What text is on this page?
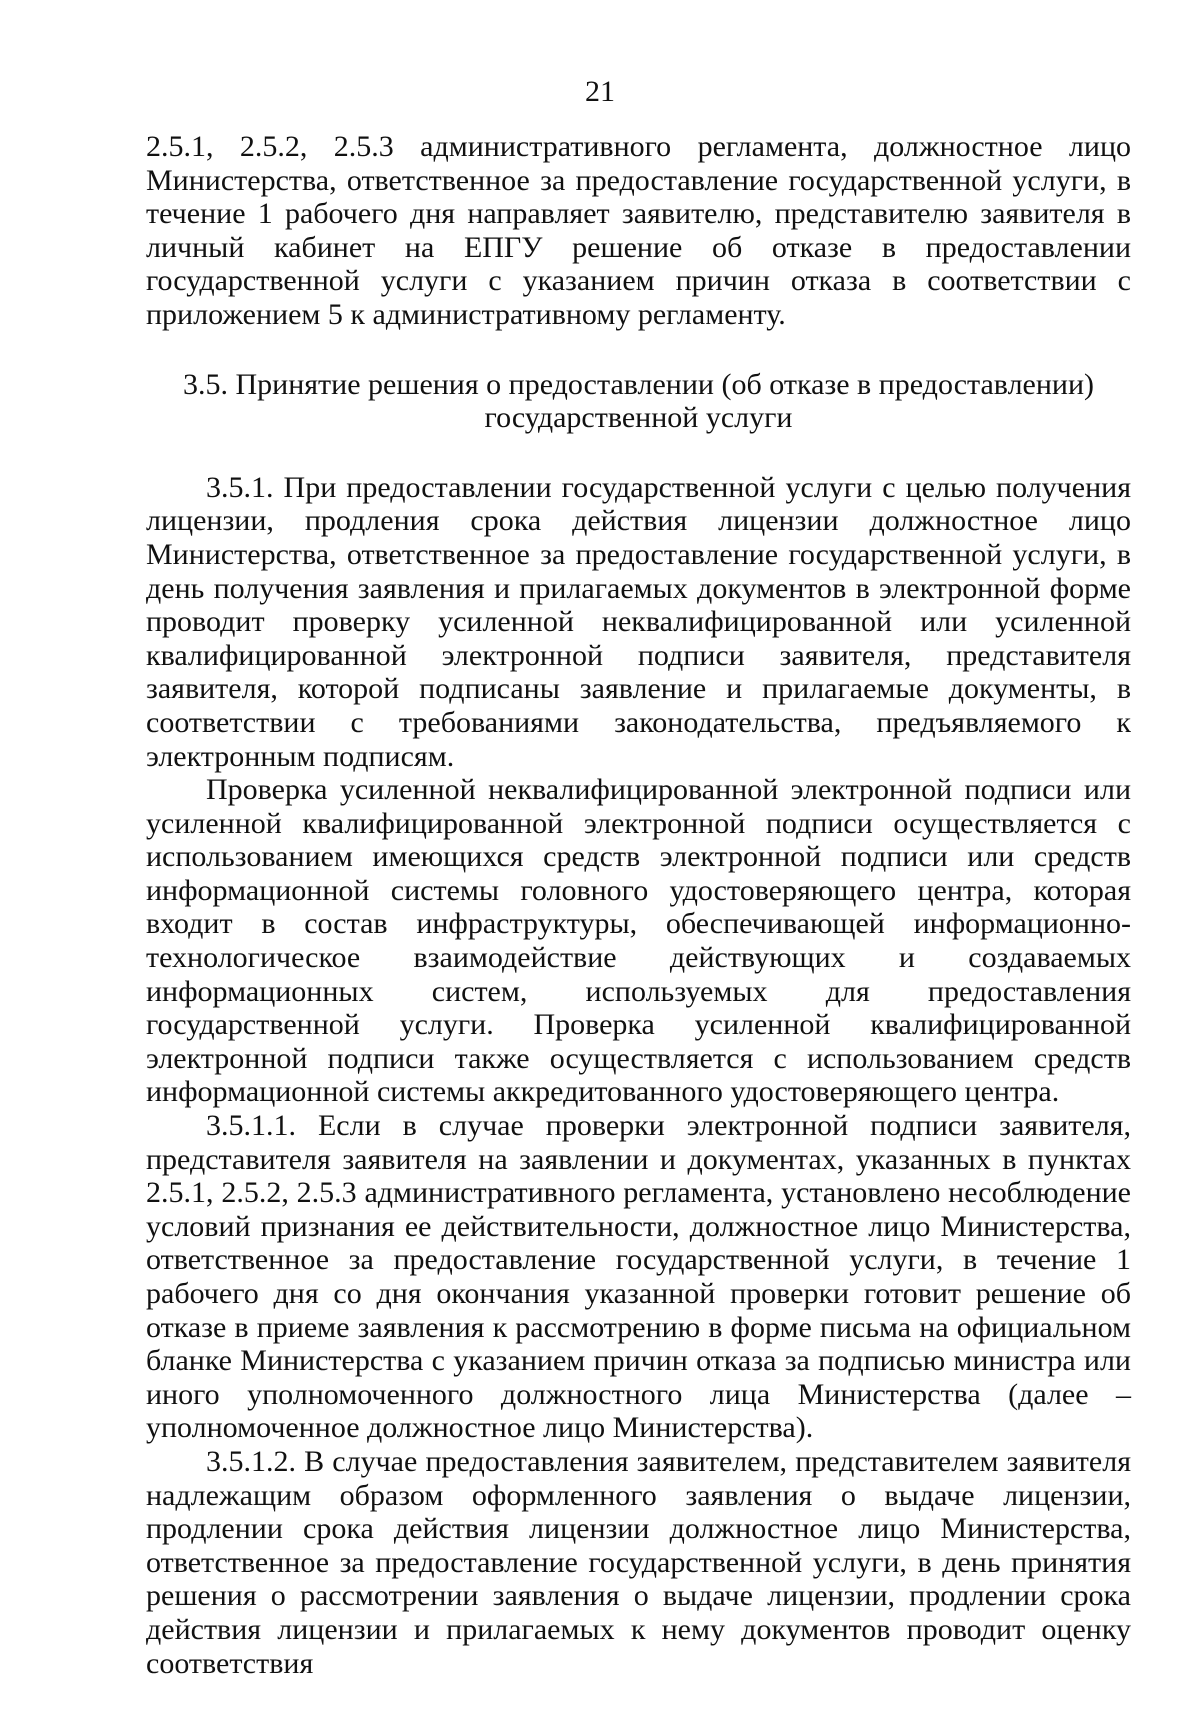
21

2.5.1, 2.5.2, 2.5.3 административного регламента, должностное лицо Министерства, ответственное за предоставление государственной услуги, в течение 1 рабочего дня направляет заявителю, представителю заявителя в личный кабинет на ЕПГУ решение об отказе в предоставлении государственной услуги с указанием причин отказа в соответствии с приложением 5 к административному регламенту.

3.5. Принятие решения о предоставлении (об отказе в предоставлении)
государственной услуги

3.5.1. При предоставлении государственной услуги с целью получения лицензии, продления срока действия лицензии должностное лицо Министерства, ответственное за предоставление государственной услуги, в день получения заявления и прилагаемых документов в электронной форме проводит проверку усиленной неквалифицированной или усиленной квалифицированной электронной подписи заявителя, представителя заявителя, которой подписаны заявление и прилагаемые документы, в соответствии с требованиями законодательства, предъявляемого к электронным подписям.

Проверка усиленной неквалифицированной электронной подписи или усиленной квалифицированной электронной подписи осуществляется с использованием имеющихся средств электронной подписи или средств информационной системы головного удостоверяющего центра, которая входит в состав инфраструктуры, обеспечивающей информационно-технологическое взаимодействие действующих и создаваемых информационных систем, используемых для предоставления государственной услуги. Проверка усиленной квалифицированной электронной подписи также осуществляется с использованием средств информационной системы аккредитованного удостоверяющего центра.

3.5.1.1. Если в случае проверки электронной подписи заявителя, представителя заявителя на заявлении и документах, указанных в пунктах 2.5.1, 2.5.2, 2.5.3 административного регламента, установлено несоблюдение условий признания ее действительности, должностное лицо Министерства, ответственное за предоставление государственной услуги, в течение 1 рабочего дня со дня окончания указанной проверки готовит решение об отказе в приеме заявления к рассмотрению в форме письма на официальном бланке Министерства с указанием причин отказа за подписью министра или иного уполномоченного должностного лица Министерства (далее – уполномоченное должностное лицо Министерства).

3.5.1.2. В случае предоставления заявителем, представителем заявителя надлежащим образом оформленного заявления о выдаче лицензии, продлении срока действия лицензии должностное лицо Министерства, ответственное за предоставление государственной услуги, в день принятия решения о рассмотрении заявления о выдаче лицензии, продлении срока действия лицензии и прилагаемых к нему документов проводит оценку соответствия
